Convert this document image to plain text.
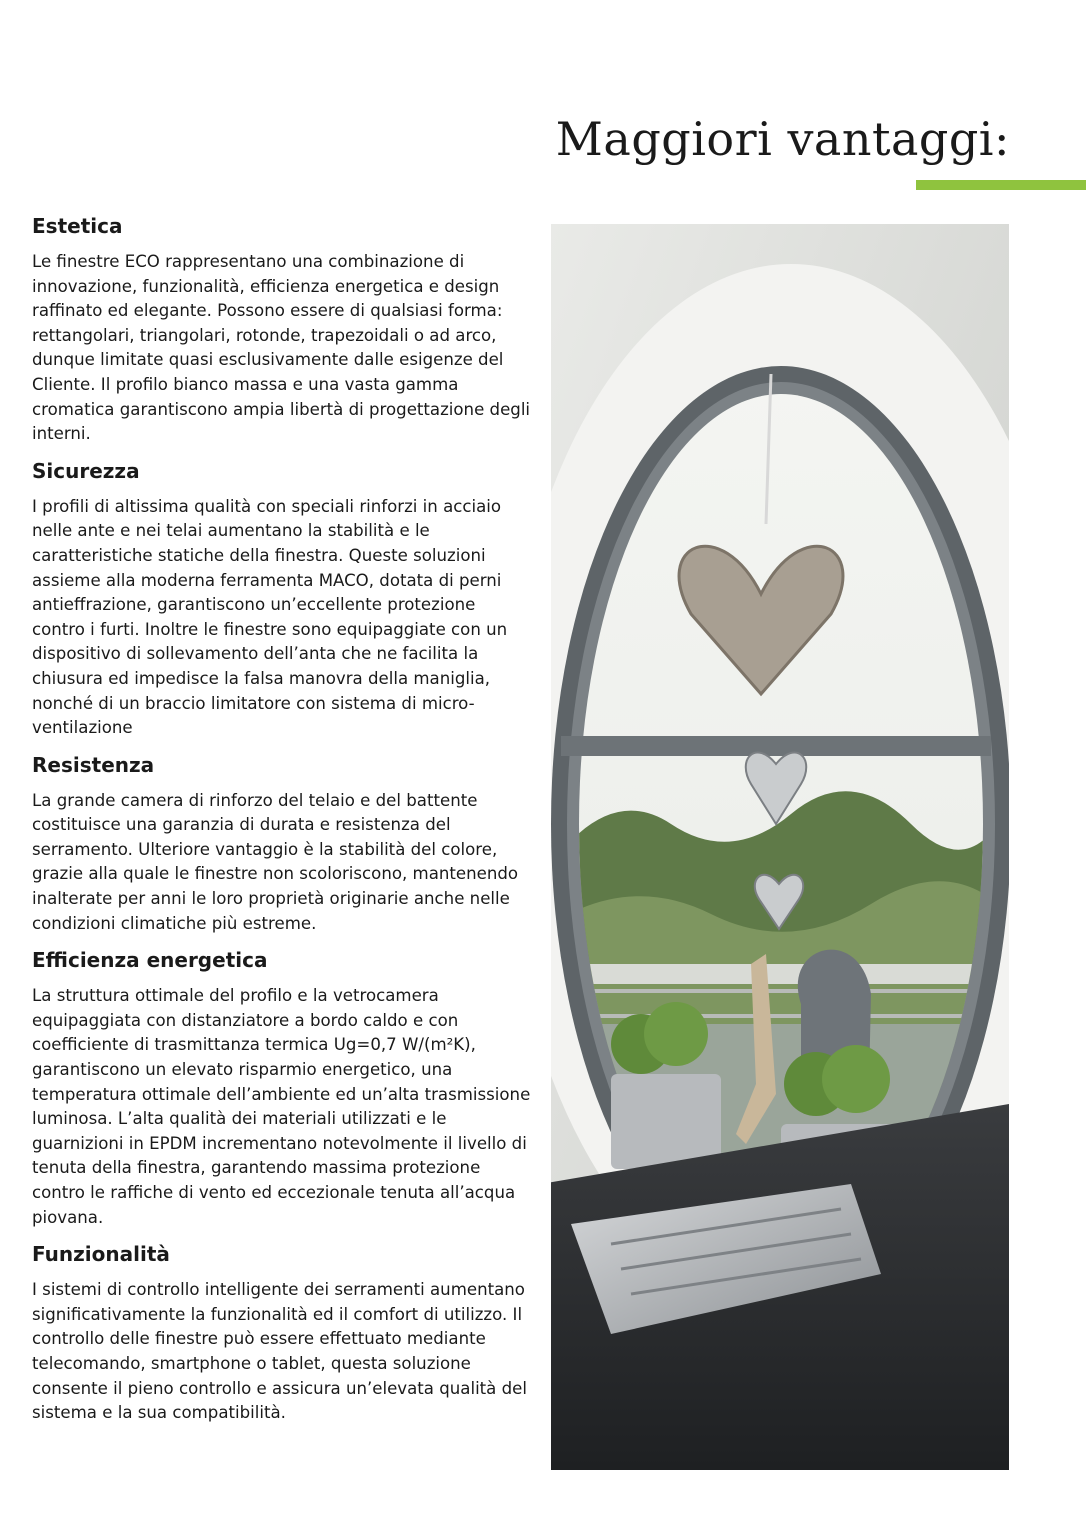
Maggiori vantaggi:
Estetica

Le finestre ECO rappresentano una combinazione di innovazione, funzionalità, efficienza energetica e design raffinato ed elegante. Possono essere di qualsiasi forma: rettangolari, triangolari, rotonde, trapezoidali o ad arco, dunque limitate quasi esclusivamente dalle esigenze del Cliente. Il profilo bianco massa e una vasta gamma cromatica garantiscono ampia libertà di progettazione degli interni.

Sicurezza

I profili di altissima qualità con speciali rinforzi in acciaio nelle ante e nei telai aumentano la stabilità e le caratteristiche statiche della finestra. Queste soluzioni assieme alla moderna ferramenta MACO, dotata di perni antieffrazione, garantiscono un’eccellente protezione contro i furti. Inoltre le finestre sono equipaggiate con un dispositivo di sollevamento dell’anta che ne facilita la chiusura ed impedisce la falsa manovra della maniglia, nonché di un braccio limitatore con sistema di micro-ventilazione

Resistenza

La grande camera di rinforzo del telaio e del battente costituisce una garanzia di durata e resistenza del serramento. Ulteriore vantaggio è la stabilità del colore, grazie alla quale le finestre non scoloriscono, mantenendo inalterate per anni le loro proprietà originarie anche nelle condizioni climatiche più estreme.

Efficienza energetica

La struttura ottimale del profilo e la vetrocamera equipaggiata con distanziatore a bordo caldo e con coefficiente di trasmittanza termica Ug=0,7 W/(m²K), garantiscono un elevato risparmio energetico, una temperatura ottimale dell’ambiente ed un’alta trasmissione luminosa. L’alta qualità dei materiali utilizzati e le guarnizioni in EPDM incrementano notevolmente il livello di tenuta della finestra, garantendo massima protezione contro le raffiche di vento ed eccezionale tenuta all’acqua piovana.

Funzionalità

I sistemi di controllo intelligente dei serramenti aumentano significativamente la funzionalità ed il comfort di utilizzo. Il controllo delle finestre può essere effettuato mediante telecomando, smartphone o tablet, questa soluzione consente il pieno controllo e assicura un’elevata qualità del sistema e la sua compatibilità.
